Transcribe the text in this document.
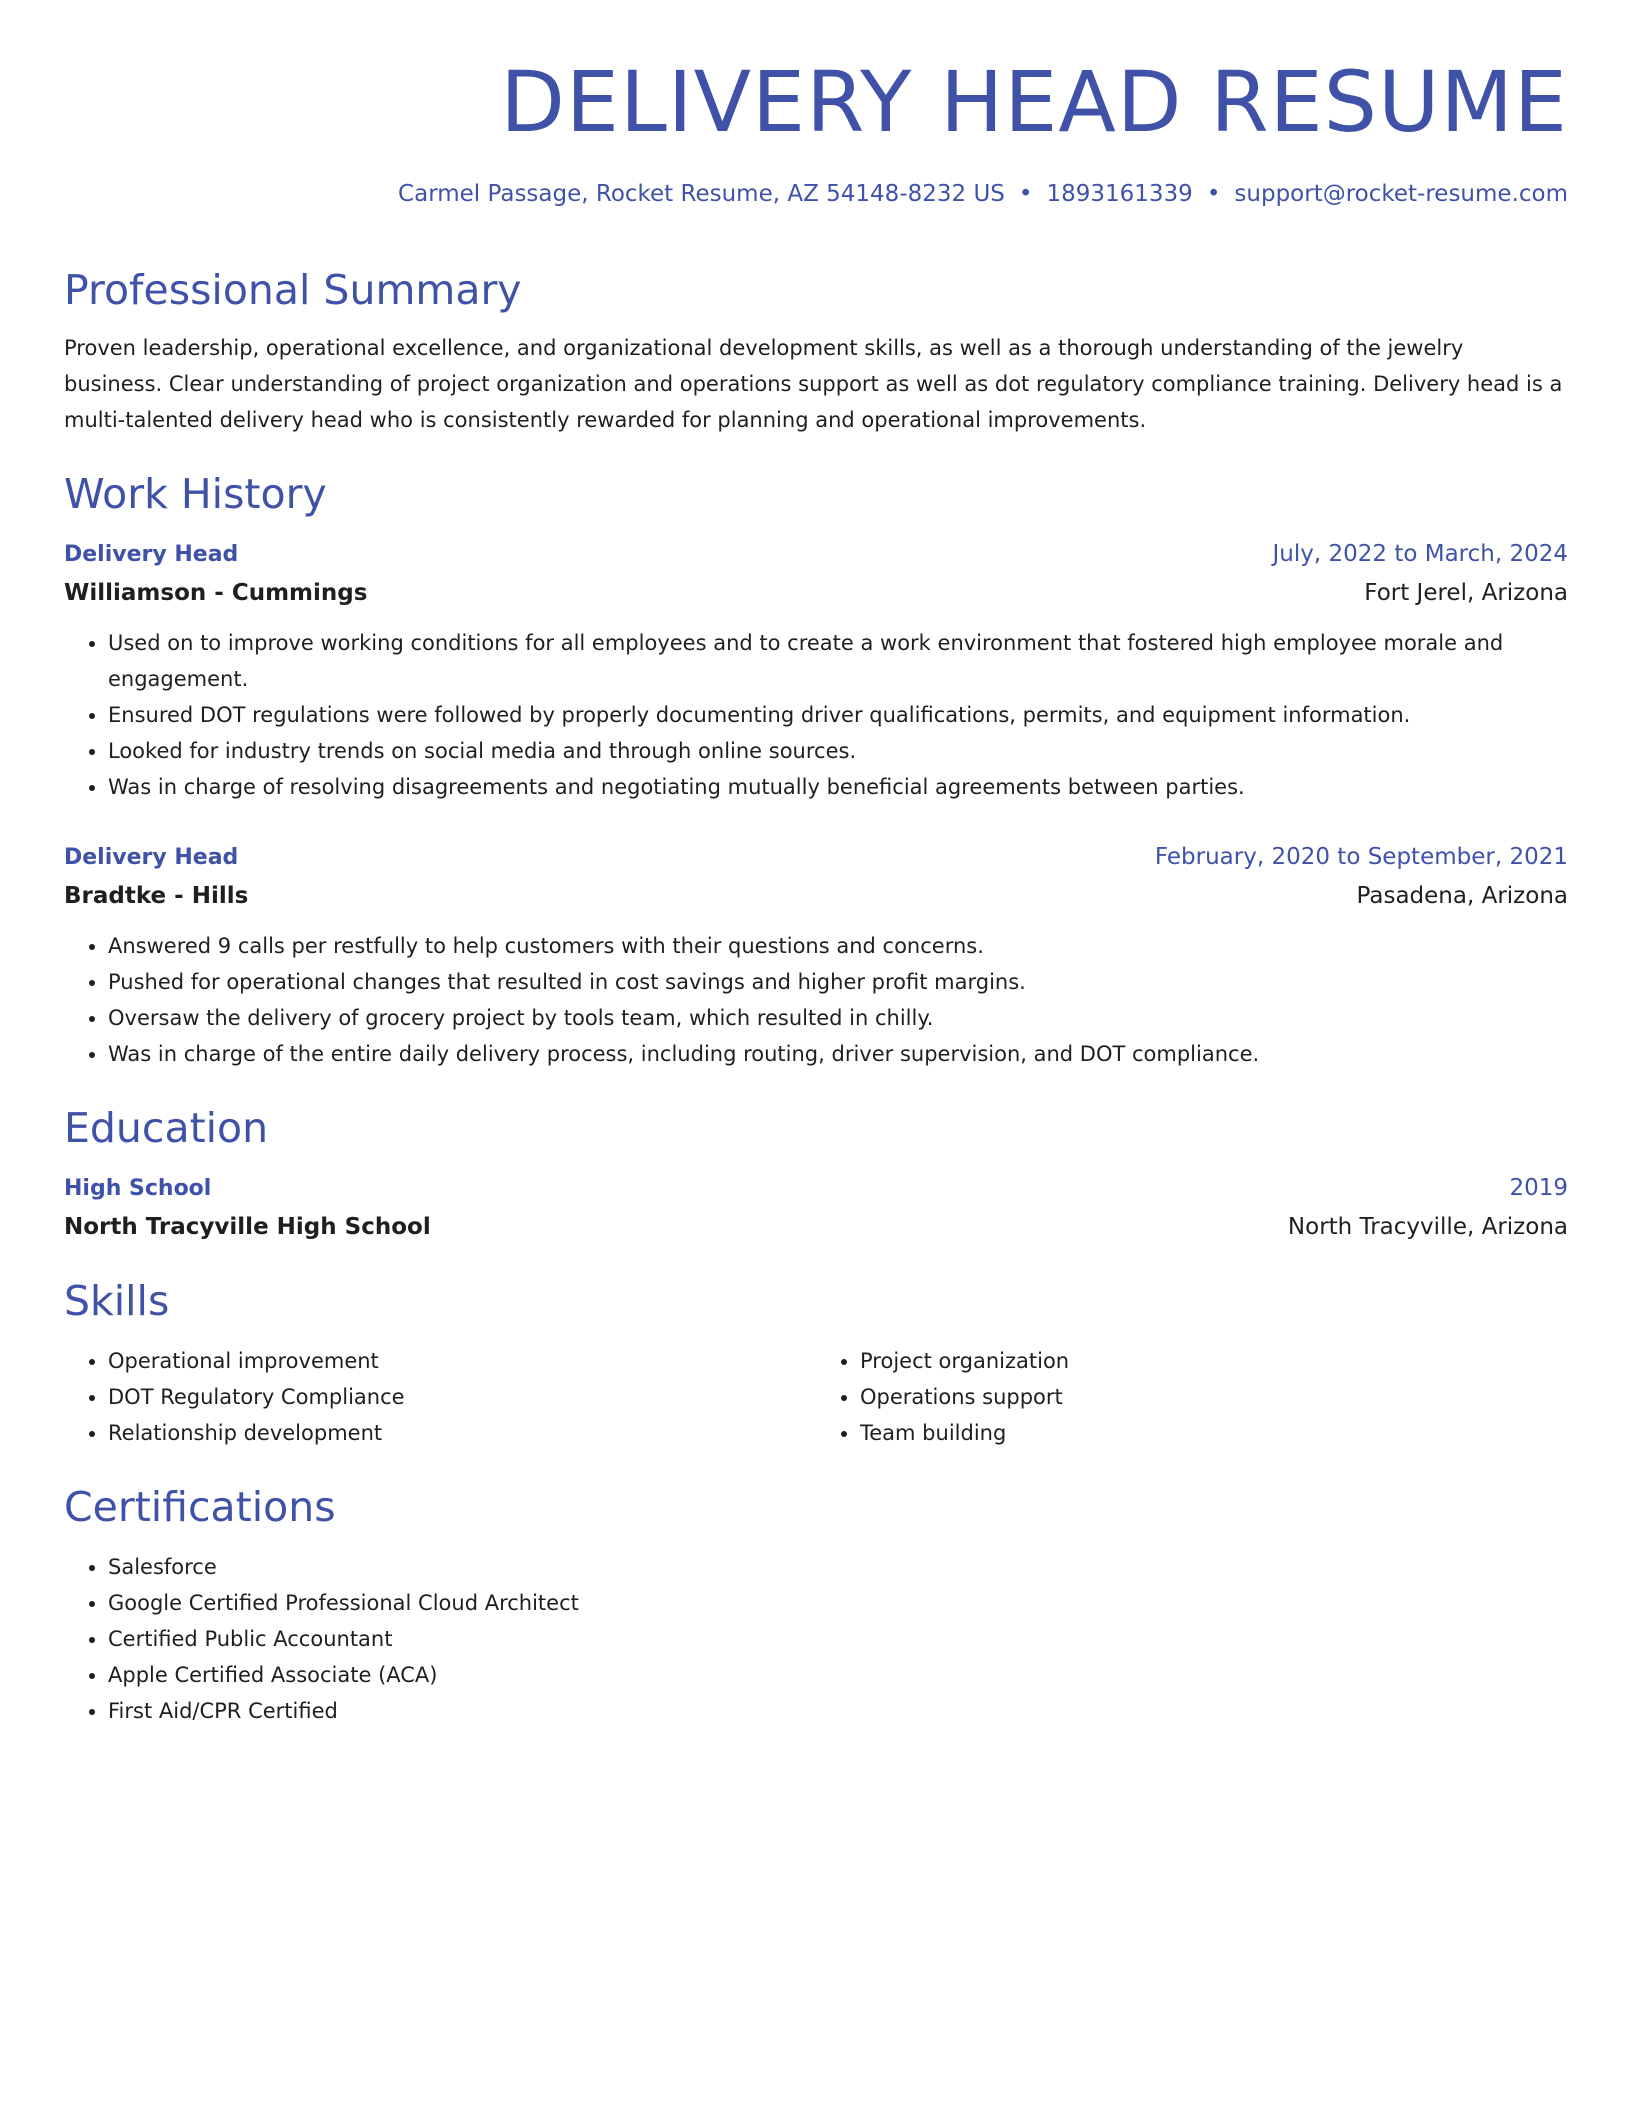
DELIVERY HEAD RESUME
Carmel Passage, Rocket Resume, AZ 54148-8232 US • 1893161339 • support@rocket-resume.com
Professional Summary
Proven leadership, operational excellence, and organizational development skills, as well as a thorough understanding of the jewelry business. Clear understanding of project organization and operations support as well as dot regulatory compliance training. Delivery head is a multi-talented delivery head who is consistently rewarded for planning and operational improvements.
Work History
Delivery Head	July, 2022 to March, 2024
Williamson - Cummings	Fort Jerel, Arizona
• Used on to improve working conditions for all employees and to create a work environment that fostered high employee morale and engagement.
• Ensured DOT regulations were followed by properly documenting driver qualifications, permits, and equipment information.
• Looked for industry trends on social media and through online sources.
• Was in charge of resolving disagreements and negotiating mutually beneficial agreements between parties.
Delivery Head	February, 2020 to September, 2021
Bradtke - Hills	Pasadena, Arizona
• Answered 9 calls per restfully to help customers with their questions and concerns.
• Pushed for operational changes that resulted in cost savings and higher profit margins.
• Oversaw the delivery of grocery project by tools team, which resulted in chilly.
• Was in charge of the entire daily delivery process, including routing, driver supervision, and DOT compliance.
Education
High School	2019
North Tracyville High School	North Tracyville, Arizona
Skills
• Operational improvement
• DOT Regulatory Compliance
• Relationship development
• Project organization
• Operations support
• Team building
Certifications
• Salesforce
• Google Certified Professional Cloud Architect
• Certified Public Accountant
• Apple Certified Associate (ACA)
• First Aid/CPR Certified
